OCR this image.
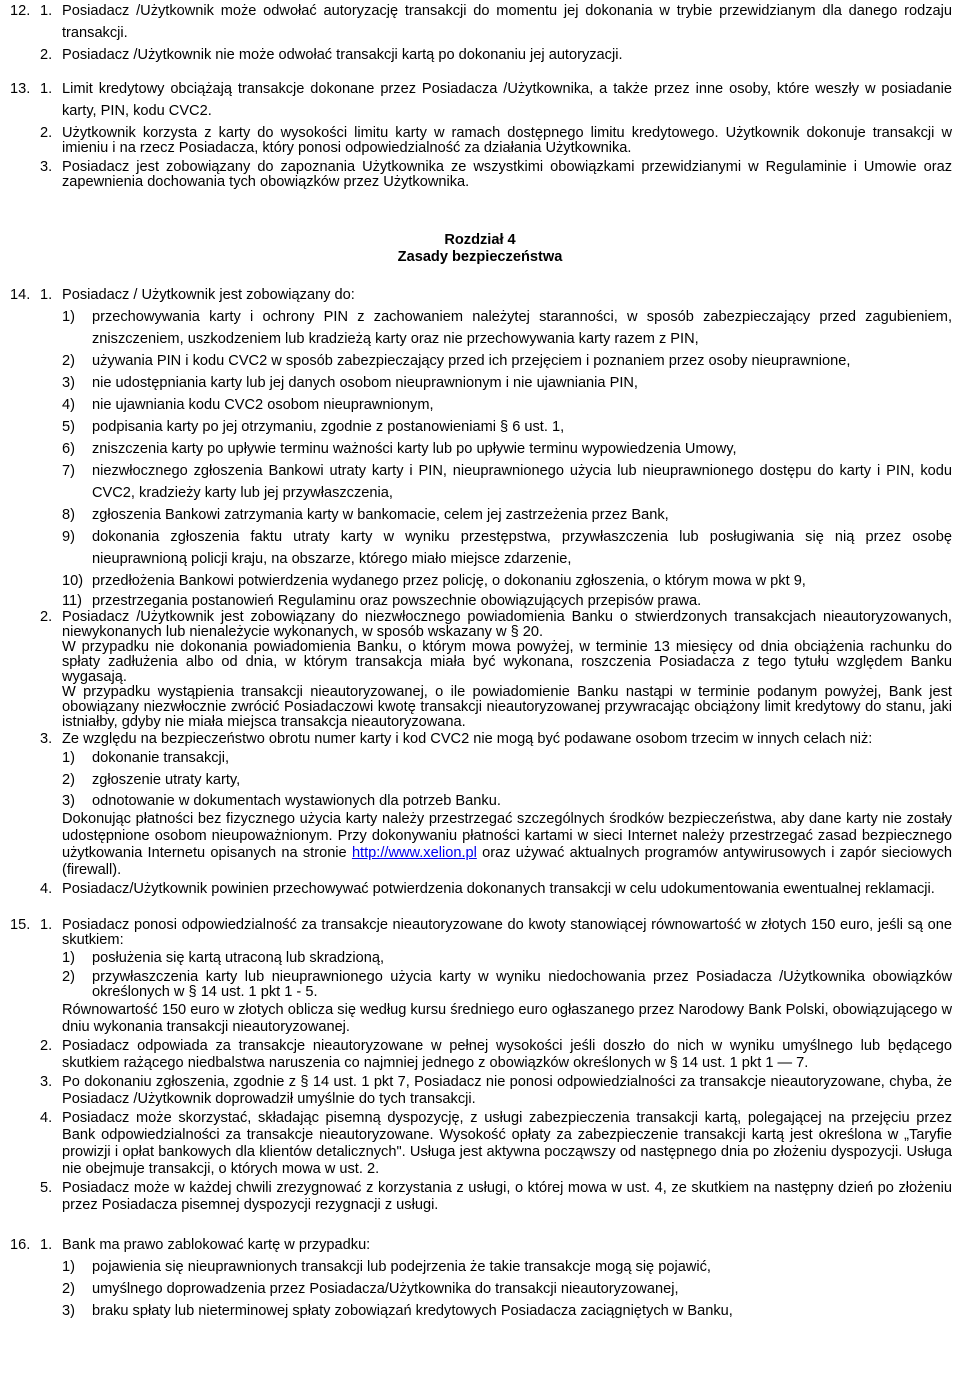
12. 1. Posiadacz /Użytkownik może odwołać autoryzację transakcji do momentu jej dokonania w trybie przewidzianym dla danego rodzaju transakcji.
2. Posiadacz /Użytkownik nie może odwołać transakcji kartą po dokonaniu jej autoryzacji.
13. 1. Limit kredytowy obciążają transakcje dokonane przez Posiadacza /Użytkownika, a także przez inne osoby, które weszły w posiadanie karty, PIN, kodu CVC2.
2. Użytkownik korzysta z karty do wysokości limitu karty w ramach dostępnego limitu kredytowego. Użytkownik dokonuje transakcji w imieniu i na rzecz Posiadacza, który ponosi odpowiedzialność za działania Użytkownika.
3. Posiadacz jest zobowiązany do zapoznania Użytkownika ze wszystkimi obowiązkami przewidzianymi w Regulaminie i Umowie oraz zapewnienia dochowania tych obowiązków przez Użytkownika.
Rozdział 4
Zasady bezpieczeństwa
14. 1. Posiadacz / Użytkownik jest zobowiązany do:
1)	przechowywania karty i ochrony PIN z zachowaniem należytej staranności, w sposób zabezpieczający przed zagubieniem, zniszczeniem, uszkodzeniem lub kradzieżą karty oraz nie przechowywania karty razem z PIN,
2)	używania PIN i kodu CVC2 w sposób zabezpieczający przed ich przejęciem i poznaniem przez osoby nieuprawnione,
3)	nie udostępniania karty lub jej danych osobom nieuprawnionym i nie ujawniania PIN,
4)	nie ujawniania kodu CVC2 osobom nieuprawnionym,
5)	podpisania karty po jej otrzymaniu, zgodnie z postanowieniami § 6 ust. 1,
6)	zniszczenia karty po upływie terminu ważności karty lub po upływie terminu wypowiedzenia Umowy,
7)	niezwłocznego zgłoszenia Bankowi utraty karty i PIN, nieuprawnionego użycia lub nieuprawnionego dostępu do karty i PIN, kodu CVC2, kradzieży karty lub jej przywłaszczenia,
8)	zgłoszenia Bankowi zatrzymania karty w bankomacie, celem jej zastrzeżenia przez Bank,
9)	dokonania zgłoszenia faktu utraty karty w wyniku przestępstwa, przywłaszczenia lub posługiwania się nią przez osobę nieuprawnioną policji kraju, na obszarze, którego miało miejsce zdarzenie,
10) przedłożenia Bankowi potwierdzenia wydanego przez policję, o dokonaniu zgłoszenia, o którym mowa w pkt 9,
11) przestrzegania postanowień Regulaminu oraz powszechnie obowiązujących przepisów prawa.
2. Posiadacz /Użytkownik jest zobowiązany do niezwłocznego powiadomienia Banku o stwierdzonych transakcjach nieautoryzowanych, niewykonanych lub nienależycie wykonanych, w sposób wskazany w § 20.
W przypadku nie dokonania powiadomienia Banku, o którym mowa powyżej, w terminie 13 miesięcy od dnia obciążenia rachunku do spłaty zadłużenia albo od dnia, w którym transakcja miała być wykonana, roszczenia Posiadacza z tego tytułu względem Banku wygasają.
W przypadku wystąpienia transakcji nieautoryzowanej, o ile powiadomienie Banku nastąpi w terminie podanym powyżej, Bank jest obowiązany niezwłocznie zwrócić Posiadaczowi kwotę transakcji nieautoryzowanej przywracając obciążony limit kredytowy do stanu, jaki istniałby, gdyby nie miała miejsca transakcja nieautoryzowana.
3. Ze względu na bezpieczeństwo obrotu numer karty i kod CVC2 nie mogą być podawane osobom trzecim w innych celach niż:
1)	dokonanie transakcji,
2)	zgłoszenie utraty karty,
3)	odnotowanie w dokumentach wystawionych dla potrzeb Banku.
Dokonując płatności bez fizycznego użycia karty należy przestrzegać szczególnych środków bezpieczeństwa, aby dane karty nie zostały udostępnione osobom nieupoważnionym. Przy dokonywaniu płatności kartami w sieci Internet należy przestrzegać zasad bezpiecznego użytkowania Internetu opisanych na stronie http://www.xelion.pl oraz używać aktualnych programów antywirusowych i zapór sieciowych (firewall).
4. Posiadacz/Użytkownik powinien przechowywać potwierdzenia dokonanych transakcji w celu udokumentowania ewentualnej reklamacji.
15. 1. Posiadacz ponosi odpowiedzialność za transakcje nieautoryzowane do kwoty stanowiącej równowartość w złotych 150 euro, jeśli są one skutkiem:
1)	posłużenia się kartą utraconą lub skradzioną,
2)	przywłaszczenia karty lub nieuprawnionego użycia karty w wyniku niedochowania przez Posiadacza /Użytkownika obowiązków określonych w § 14 ust. 1 pkt 1 - 5.
Równowartość 150 euro w złotych oblicza się według kursu średniego euro ogłaszanego przez Narodowy Bank Polski, obowiązującego w dniu wykonania transakcji nieautoryzowanej.
2. Posiadacz odpowiada za transakcje nieautoryzowane w pełnej wysokości jeśli doszło do nich w wyniku umyślnego lub będącego skutkiem rażącego niedbalstwa naruszenia co najmniej jednego z obowiązków określonych w § 14 ust. 1 pkt 1 — 7.
3. Po dokonaniu zgłoszenia, zgodnie z § 14 ust. 1 pkt 7, Posiadacz nie ponosi odpowiedzialności za transakcje nieautoryzowane, chyba, że Posiadacz /Użytkownik doprowadził umyślnie do tych transakcji.
4. Posiadacz może skorzystać, składając pisemną dyspozycję, z usługi zabezpieczenia transakcji kartą, polegającej na przejęciu przez Bank odpowiedzialności za transakcje nieautoryzowane. Wysokość opłaty za zabezpieczenie transakcji kartą jest określona w „Taryfie prowizji i opłat bankowych dla klientów detalicznych". Usługa jest aktywna począwszy od następnego dnia po złożeniu dyspozycji. Usługa nie obejmuje transakcji, o których mowa w ust. 2.
5. Posiadacz może w każdej chwili zrezygnować z korzystania z usługi, o której mowa w ust. 4, ze skutkiem na następny dzień po złożeniu przez Posiadacza pisemnej dyspozycji rezygnacji z usługi.
16. 1. Bank ma prawo zablokować kartę w przypadku:
1)	pojawienia się nieuprawnionych transakcji lub podejrzenia że takie transakcje mogą się pojawić,
2)	umyślnego doprowadzenia przez Posiadacza/Użytkownika do transakcji nieautoryzowanej,
3)	braku spłaty lub nieterminowej spłaty zobowiązań kredytowych Posiadacza zaciągniętych w Banku,
